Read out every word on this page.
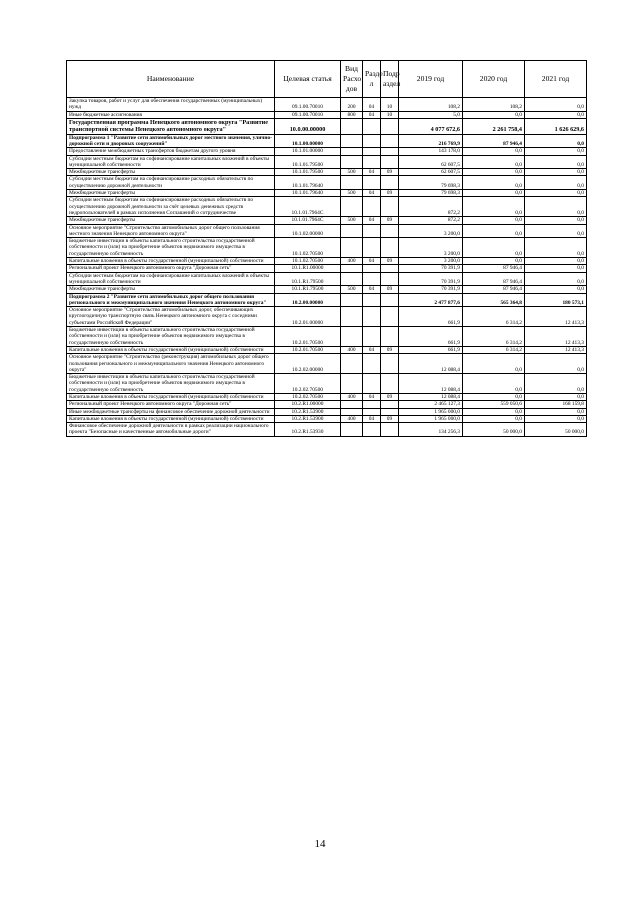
Наименование	Целевая статья	Вид Расхо дов	Разде л	Подр аздел	2019 год	2020 год	2021 год
Закупка товаров, работ и услуг для обеспечения государственных (муниципальных) нужд	09.1.00.70010	200	04	10	108,2	108,2	0,0
Иные бюджетные ассигнования	09.1.00.70010	800	04	10	5,0	0,0	0,0
Государственная программа Ненецкого автономного округа "Развитие транспортной системы Ненецкого автономного округа"	10.0.00.00000				4 077 672,6	2 261 758,4	1 626 629,6
Подпрограмма 1 "Развитие сети автомобильных дорог местного значения, улично-дорожной сети и дворовых сооружений"	10.1.00.00000				216 769,9	87 946,4	0,0
Предоставление межбюджетных трансфертов бюджетам другого уровня	10.1.01.00000				143 178,0	0,0	0,0
Субсидии местным бюджетам на софинансирование капитальных вложений в объекты муниципальной собственности	10.1.01.79500				62 607,5	0,0	0,0
Межбюджетные трансферты	10.1.01.79500	500	04	09	62 607,5	0,0	0,0
Субсидии местным бюджетам на софинансирование расходных обязательств по осуществлению дорожной деятельности	10.1.01.79640				79 698,3	0,0	0,0
Межбюджетные трансферты	10.1.01.79640	500	04	09	79 698,3	0,0	0,0
Субсидии местным бюджетам на софинансирование расходных обязательств по осуществлению дорожной деятельности за счёт целевых денежных средств недропользователей в рамках исполнения Соглашений о сотрудничестве	10.1.01.7964С				872,2	0,0	0,0
Межбюджетные трансферты	10.1.01.7964С	500	04	09	872,2	0,0	0,0
Основное мероприятие "Строительство автомобильных дорог общего пользования местного значения Ненецкого автономного округа"	10.1.02.00000				3 200,0	0,0	0,0
Бюджетные инвестиции в объекты капитального строительства государственной собственности и (или) на приобретение объектов недвижимого имущества в государственную собственность	10.1.02.70500				3 200,0	0,0	0,0
Капитальные вложения в объекты государственной (муниципальной) собственности	10.1.02.70500	400	04	09	3 200,0	0,0	0,0
Региональный проект Ненецкого автономного округа "Дорожная сеть"	10.1.R1.00000				70 391,9	87 946,4	0,0
Субсидии местным бюджетам на софинансирование капитальных вложений в объекты муниципальной собственности	10.1.R1.79500				70 391,9	87 946,4	0,0
Межбюджетные трансферты	10.1.R1.79500	500	04	09	70 391,9	87 946,4	0,0
Подпрограмма 2 "Развитие сети автомобильных дорог общего пользования регионального и межмуниципального значения Ненецкого автономного округа"	10.2.00.00000				2 477 877,6	565 364,8	180 573,1
Основное мероприятие "Строительство автомобильных дорог, обеспечивающих круглогодичную транспортную связь Ненецкого автономного округа с соседними субъектами Российской Федерации"	10.2.01.00000				661,9	6 314,2	12 413,3
Бюджетные инвестиции в объекты капитального строительства государственной собственности и (или) на приобретение объектов недвижимого имущества в государственную собственность	10.2.01.70500				661,9	6 314,2	12 413,3
Капитальные вложения в объекты государственной (муниципальной) собственности	10.2.01.70500	400	04	09	661,9	6 314,2	12 413,3
Основное мероприятие "Строительство (реконструкция) автомобильных дорог общего пользования регионального и межмуниципального значения Ненецкого автономного округа"	10.2.02.00000				12 088,4	0,0	0,0
Бюджетные инвестиции в объекты капитального строительства государственной собственности и (или) на приобретение объектов недвижимого имущества в государственную собственность	10.2.02.70500				12 088,4	0,0	0,0
Капитальные вложения в объекты государственной (муниципальной) собственности	10.2.02.70500	400	04	09	12 088,4	0,0	0,0
Региональный проект Ненецкого автономного округа "Дорожная сеть"	10.2.R1.00000				2 465 127,3	559 050,6	168 159,8
Иные межбюджетные трансферты на финансовое обеспечение дорожной деятельности	10.2.R1.53900				1 965 000,0	0,0	0,0
Капитальные вложения в объекты государственной (муниципальной) собственности	10.2.R1.53900	400	04	09	1 965 000,0	0,0	0,0
Финансовое обеспечение дорожной деятельности в рамках реализации национального проекта "Безопасные и качественные автомобильные дороги"	10.2.R1.53930				134 256,3	50 000,0	50 000,0
14
